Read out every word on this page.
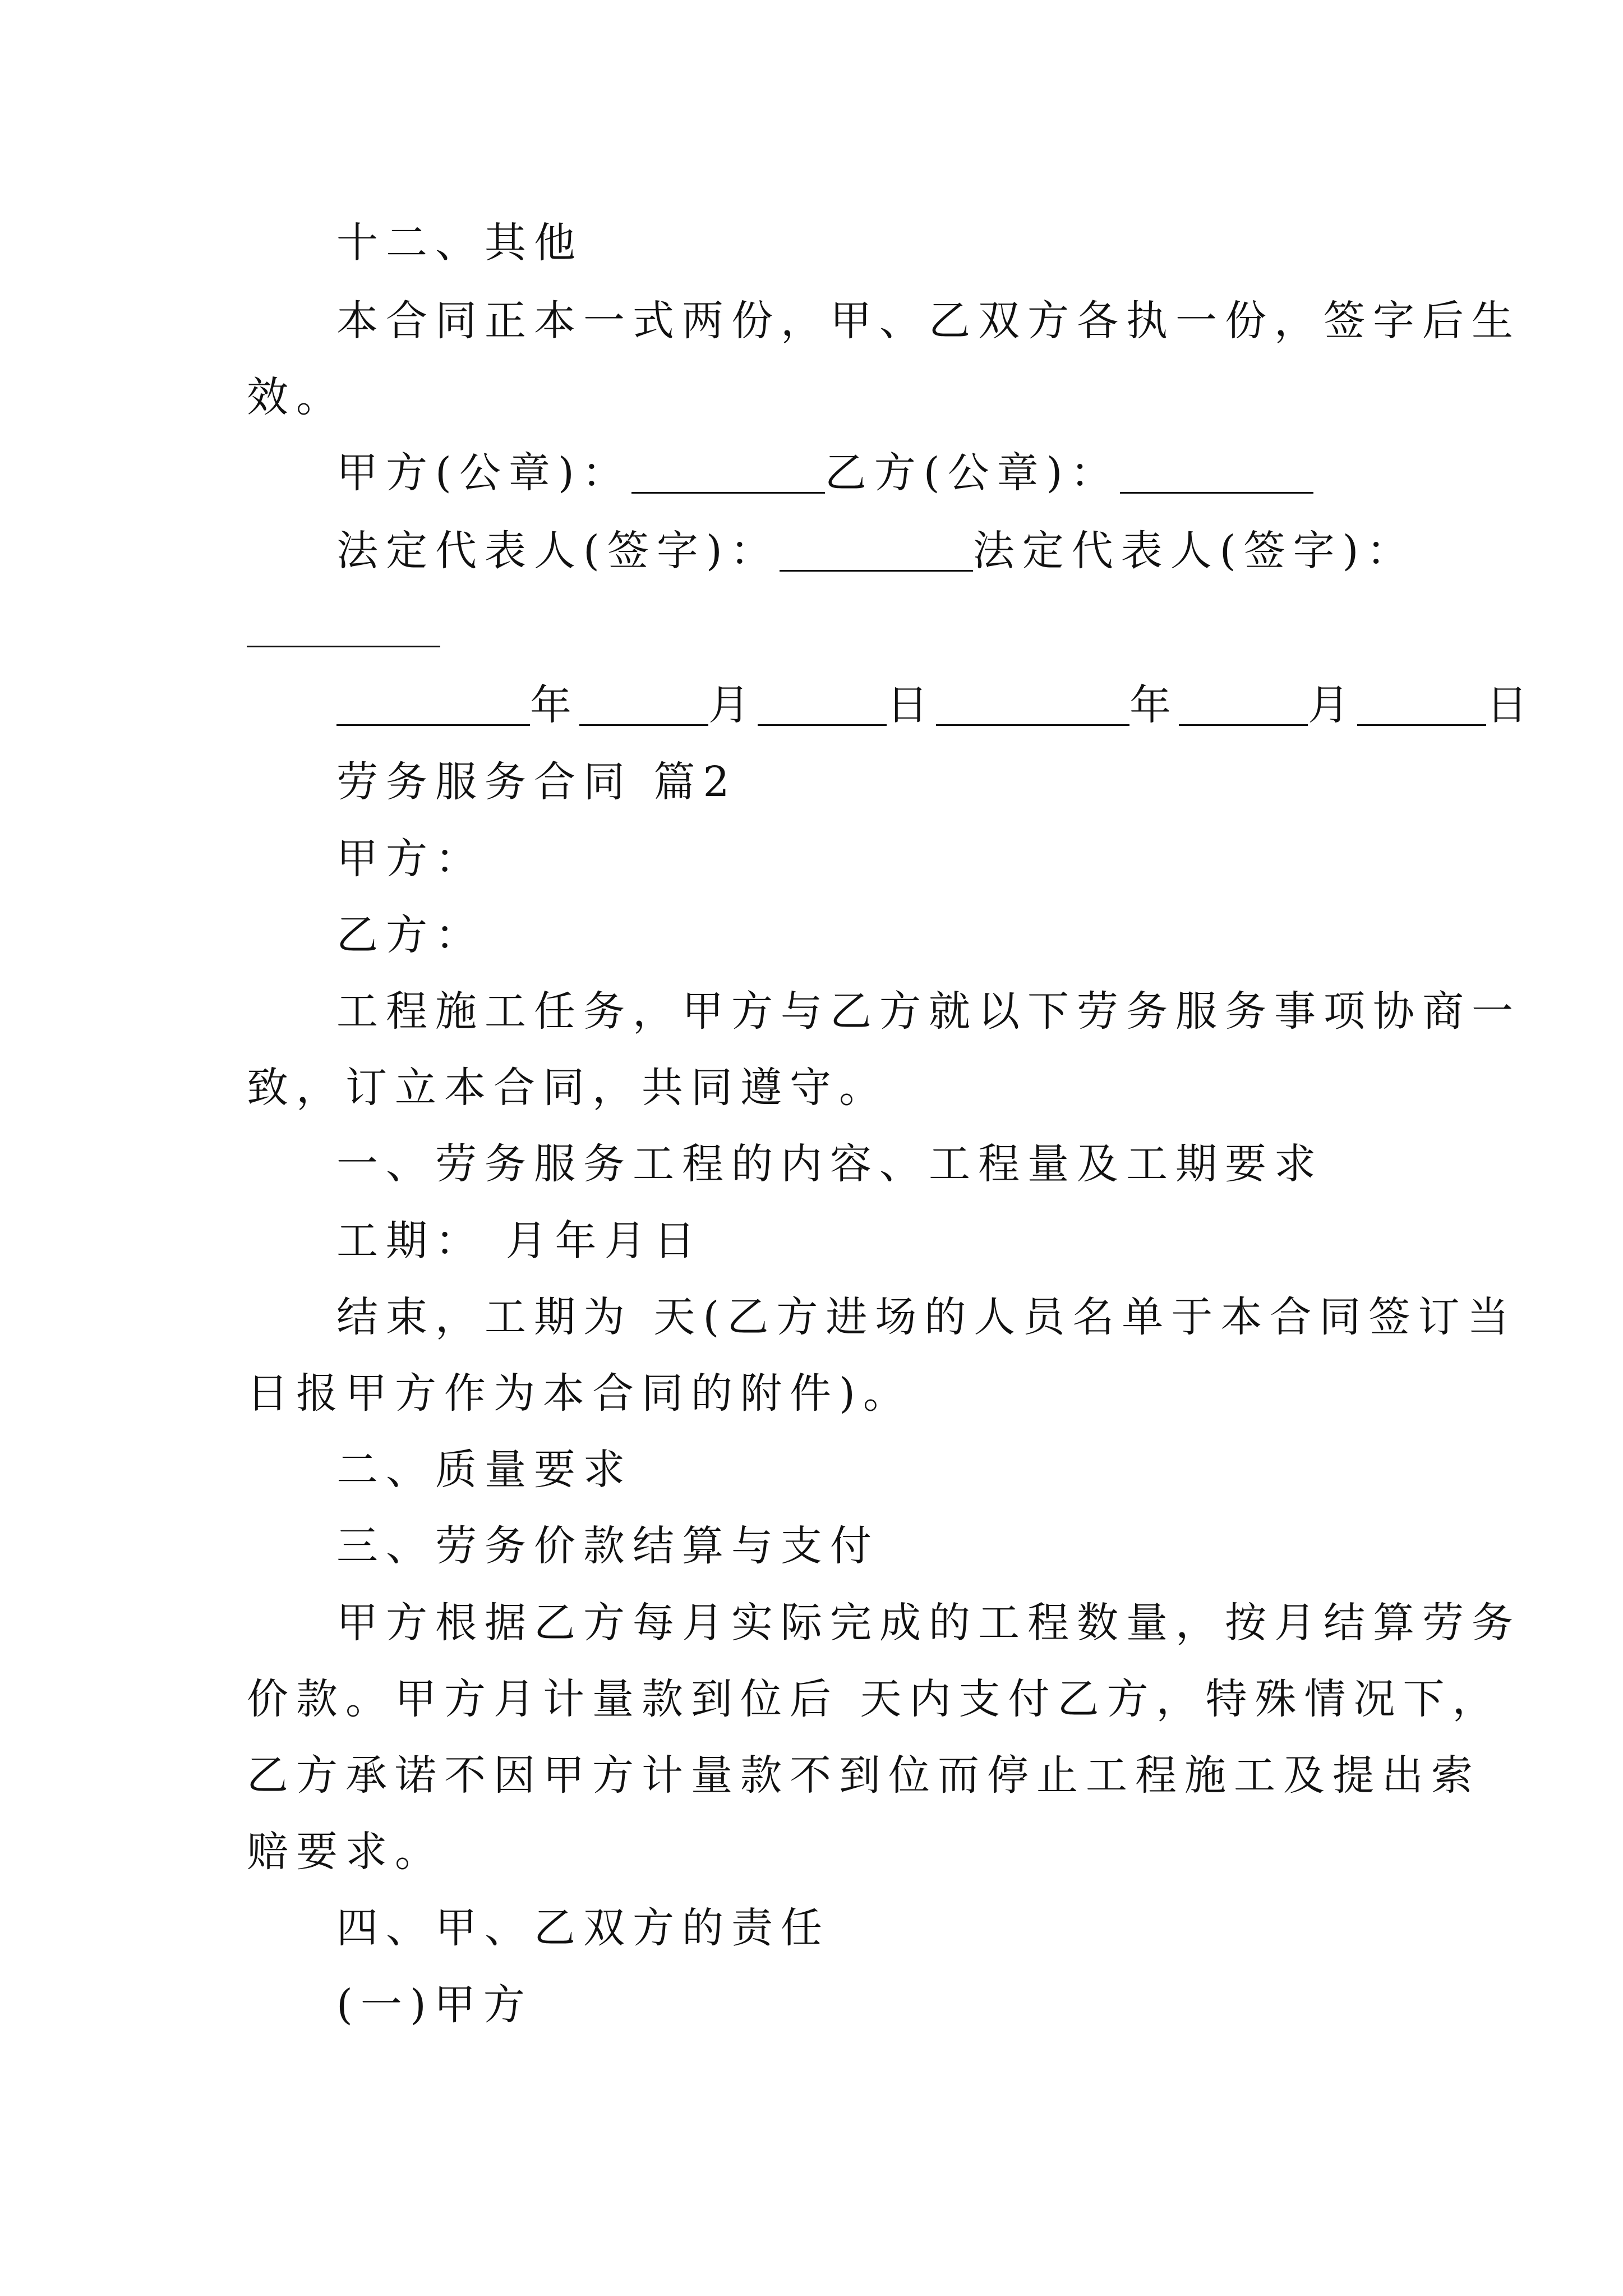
十二、其他
本合同正本一式两份，甲、乙双方各执一份，签字后生
效。
甲方(公章)：	乙方(公章)：
法定代表人(签字)：	法定代表人(签字)：
年	月	日	年	月	日
劳务服务合同 篇2
甲方：
乙方：
工程施工任务，甲方与乙方就以下劳务服务事项协商一
致，订立本合同，共同遵守。
一、劳务服务工程的内容、工程量及工期要求
工期： 月年月日
结束，工期为 天(乙方进场的人员名单于本合同签订当
日报甲方作为本合同的附件)。
二、质量要求
三、劳务价款结算与支付
甲方根据乙方每月实际完成的工程数量，按月结算劳务
价款。甲方月计量款到位后 天内支付乙方，特殊情况下，
乙方承诺不因甲方计量款不到位而停止工程施工及提出索
赔要求。
四、甲、乙双方的责任
(一)甲方
